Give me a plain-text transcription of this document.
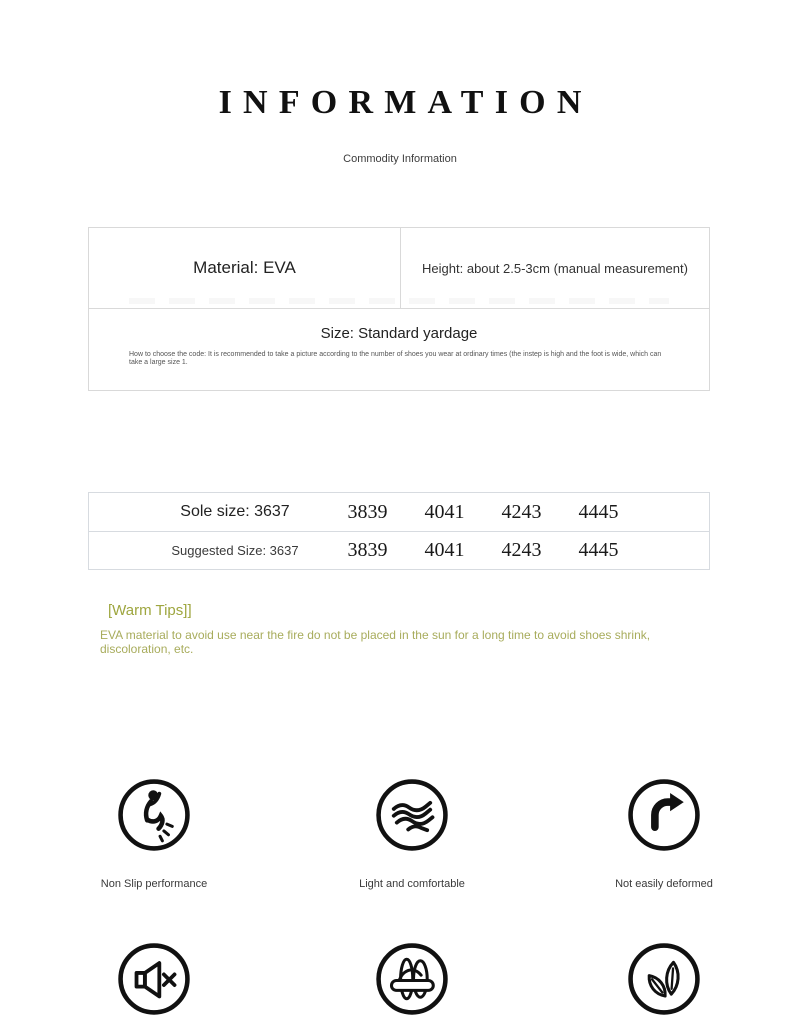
INFORMATION
Commodity Information
Material: EVA	Height: about 2.5-3cm (manual measurement)
Size: Standard yardage
How to choose the code: It is recommended to take a picture according to the number of shoes you wear at ordinary times (the instep is high and the foot is wide, which can take a large size 1.
Sole size: 3637	3839	4041	4243	4445
Suggested Size: 3637	3839	4041	4243	4445
[Warm Tips]]
EVA material to avoid use near the fire do not be placed in the sun for a long time to avoid shoes shrink, discoloration, etc.
Non Slip performance	Light and comfortable	Not easily deformed
